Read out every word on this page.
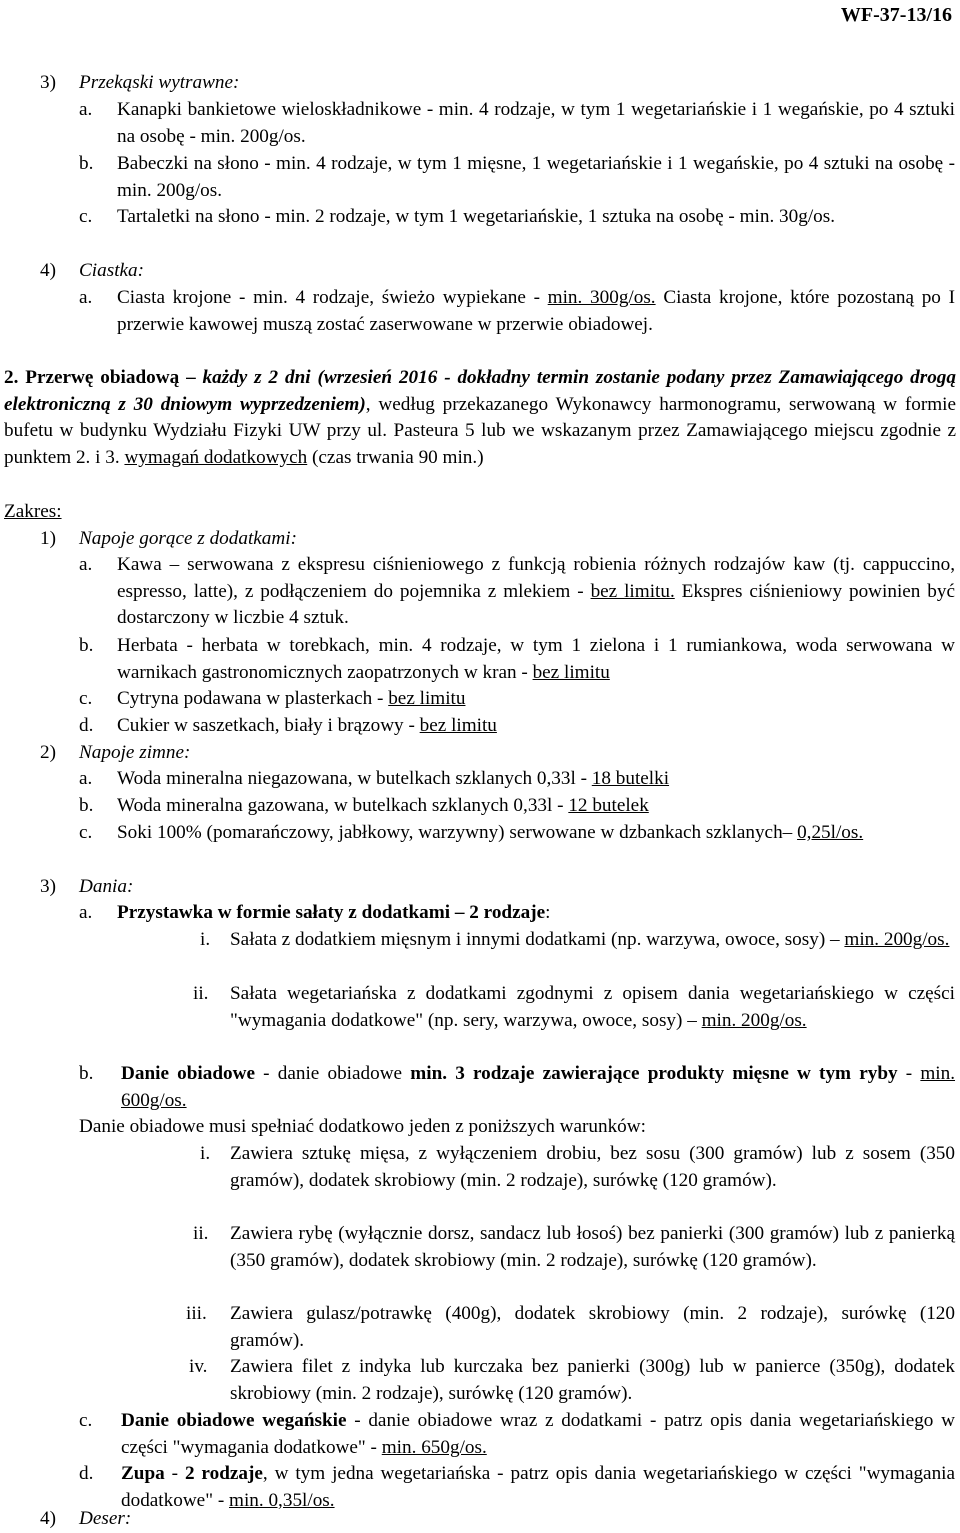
WF-37-13/16
3) Przekąski wytrawne:
a. Kanapki bankietowe wieloskładnikowe - min. 4 rodzaje, w tym 1 wegetariańskie i 1 wegańskie, po 4 sztuki na osobę - min. 200g/os.
b. Babeczki na słono - min. 4 rodzaje, w tym 1 mięsne, 1 wegetariańskie i 1 wegańskie, po 4 sztuki na osobę - min. 200g/os.
c. Tartaletki na słono - min. 2 rodzaje, w tym 1 wegetariańskie, 1 sztuka na osobę - min. 30g/os.
4) Ciastka:
a. Ciasta krojone - min. 4 rodzaje, świeżo wypiekane - min. 300g/os. Ciasta krojone, które pozostaną po I przerwie kawowej muszą zostać zaserwowane w przerwie obiadowej.
2. Przerwę obiadową – każdy z 2 dni (wrzesień 2016 - dokładny termin zostanie podany przez Zamawiającego drogą elektroniczną z 30 dniowym wyprzedzeniem), według przekazanego Wykonawcy harmonogramu, serwowaną w formie bufetu w budynku Wydziału Fizyki UW przy ul. Pasteura 5 lub we wskazanym przez Zamawiającego miejscu zgodnie z punktem 2. i 3. wymagań dodatkowych (czas trwania 90 min.)
Zakres:
1) Napoje gorące z dodatkami:
a. Kawa – serwowana z ekspresu ciśnieniowego z funkcją robienia różnych rodzajów kaw (tj. cappuccino, espresso, latte), z podłączeniem do pojemnika z mlekiem - bez limitu. Ekspres ciśnieniowy powinien być dostarczony w liczbie 4 sztuk.
b. Herbata - herbata w torebkach, min. 4 rodzaje, w tym 1 zielona i 1 rumiankowa, woda serwowana w warnikach gastronomicznych zaopatrzonych w kran - bez limitu
c. Cytryna podawana w plasterkach - bez limitu
d. Cukier w saszetkach, biały i brązowy - bez limitu
2) Napoje zimne:
a. Woda mineralna niegazowana, w butelkach szklanych 0,33l - 18 butelki
b. Woda mineralna gazowana, w butelkach szklanych 0,33l - 12 butelek
c. Soki 100% (pomarańczowy, jabłkowy, warzywny) serwowane w dzbankach szklanych– 0,25l/os.
3) Dania:
a. Przystawka w formie sałaty z dodatkami – 2 rodzaje:
i. Sałata z dodatkiem mięsnym i innymi dodatkami (np. warzywa, owoce, sosy) – min. 200g/os.
ii. Sałata wegetariańska z dodatkami zgodnymi z opisem dania wegetariańskiego w części "wymagania dodatkowe" (np. sery, warzywa, owoce, sosy) – min. 200g/os.
b. Danie obiadowe - danie obiadowe min. 3 rodzaje zawierające produkty mięsne w tym ryby - min. 600g/os.
Danie obiadowe musi spełniać dodatkowo jeden z poniższych warunków:
i. Zawiera sztukę mięsa, z wyłączeniem drobiu, bez sosu (300 gramów) lub z sosem (350 gramów), dodatek skrobiowy (min. 2 rodzaje), surówkę (120 gramów).
ii. Zawiera rybę (wyłącznie dorsz, sandacz lub łosoś) bez panierki (300 gramów) lub z panierką (350 gramów), dodatek skrobiowy (min. 2 rodzaje), surówkę (120 gramów).
iii. Zawiera gulasz/potrawkę (400g), dodatek skrobiowy (min. 2 rodzaje), surówkę (120 gramów).
iv. Zawiera filet z indyka lub kurczaka bez panierki (300g) lub w panierce (350g), dodatek skrobiowy (min. 2 rodzaje), surówkę (120 gramów).
c. Danie obiadowe wegańskie - danie obiadowe wraz z dodatkami - patrz opis dania wegetariańskiego w części "wymagania dodatkowe" - min. 650g/os.
d. Zupa - 2 rodzaje, w tym jedna wegetariańska - patrz opis dania wegetariańskiego w części "wymagania dodatkowe" - min. 0,35l/os.
4) Deser:
